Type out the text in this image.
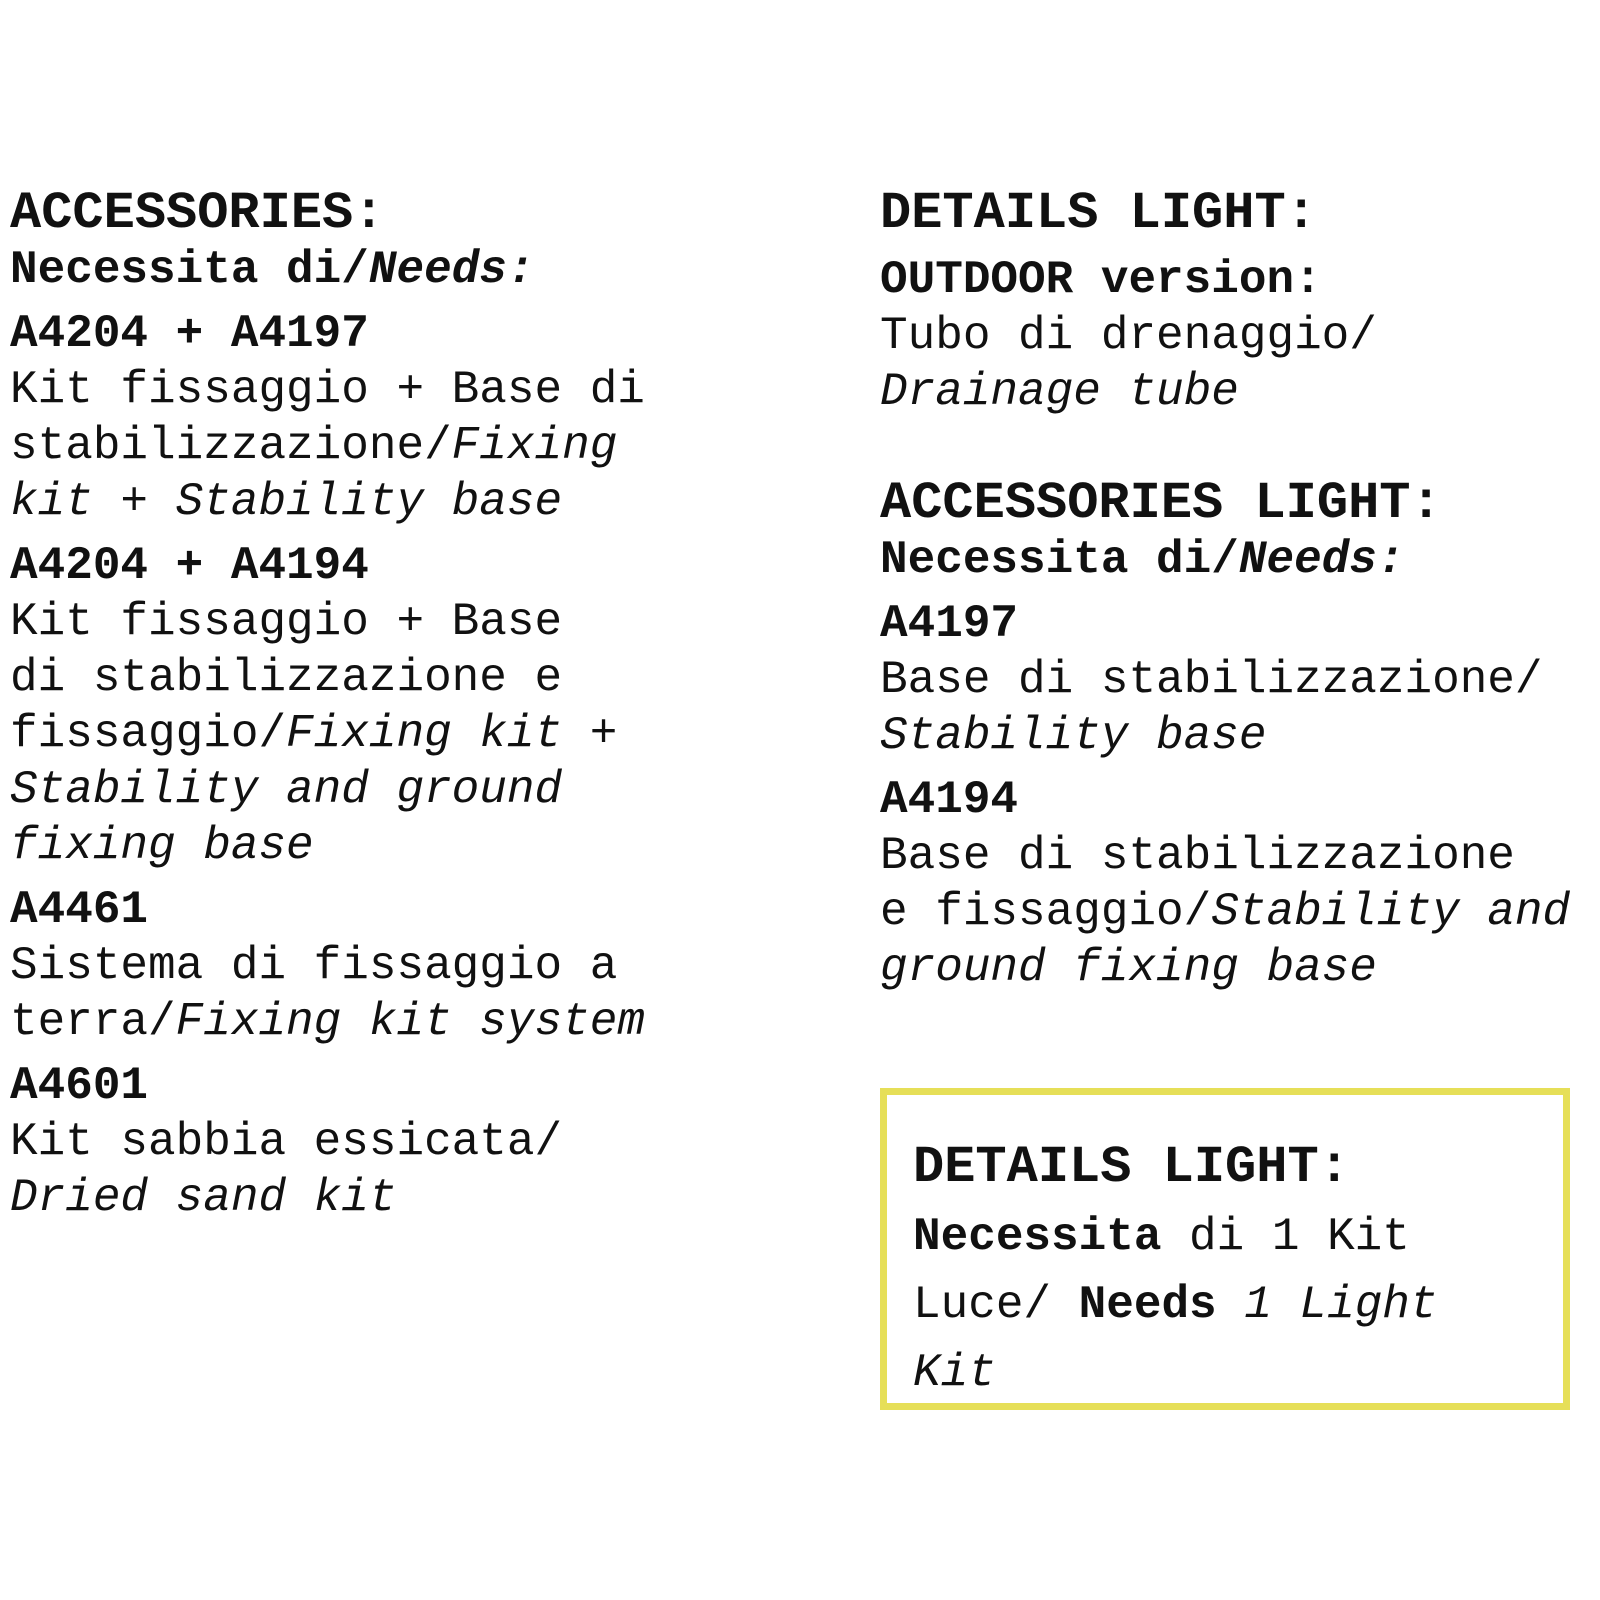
ACCESSORIES:

Necessita di/Needs:

A4204 + A4197

Kit fissaggio + Base di

stabilizzazione/Fixing

kit + Stability base

A4204 + A4194

Kit fissaggio + Base

di stabilizzazione e

fissaggio/Fixing kit +

Stability and ground

fixing base

A4461

Sistema di fissaggio a

terra/Fixing kit system

A4601

Kit sabbia essicata/

Dried sand kit

DETAILS LIGHT:

OUTDOOR version:

Tubo di drenaggio/

Drainage tube

ACCESSORIES LIGHT:

Necessita di/Needs:

A4197

Base di stabilizzazione/

Stability base

A4194

Base di stabilizzazione

e fissaggio/Stability and

ground fixing base

DETAILS LIGHT:

Necessita di 1 Kit

Luce/ Needs 1 Light

Kit
